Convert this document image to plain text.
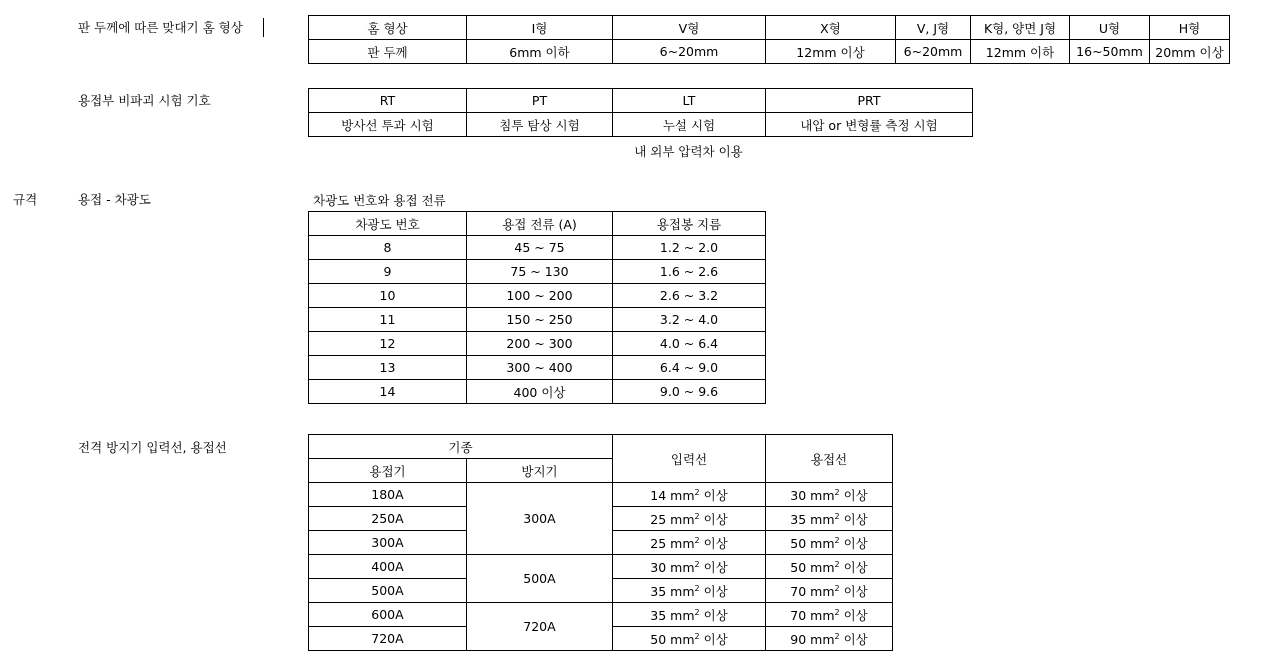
규격
판 두께에 따른 맞대기 홈 형상
용접부 비파괴 시험 기호
용접 - 차광도	차광도 번호와 용접 전류
전격 방지기 입력선, 용접선
홈 형상	I형	V형	X형	V, J형	K형, 양면 J형	U형	H형
판 두께	6mm 이하	6~20mm	12mm 이상	6~20mm	12mm 이하	16~50mm	20mm 이상
RT	PT	LT	PRT
방사선 투과 시험	침투 탐상 시험	누설 시험	내압 or 변형률 측정 시험
내 외부 압력차 이용
차광도 번호	용접 전류 (A)	용접봉 지름
8	45 ~ 75	1.2 ~ 2.0
9	75 ~ 130	1.6 ~ 2.6
10	100 ~ 200	2.6 ~ 3.2
11	150 ~ 250	3.2 ~ 4.0
12	200 ~ 300	4.0 ~ 6.4
13	300 ~ 400	6.4 ~ 9.0
14	400 이상	9.0 ~ 9.6
기종		입력선	용접선
용접기	방지기		
180A	300A	14 $mm^2$ 이상	30 $mm^2$ 이상
250A		25 $mm^2$ 이상	35 $mm^2$ 이상
300A		25 $mm^2$ 이상	50 $mm^2$ 이상
400A	500A	30 $mm^2$ 이상	50 $mm^2$ 이상
500A		35 $mm^2$ 이상	70 $mm^2$ 이상
600A	720A	35 $mm^2$ 이상	70 $mm^2$ 이상
720A		50 $mm^2$ 이상	90 $mm^2$ 이상
